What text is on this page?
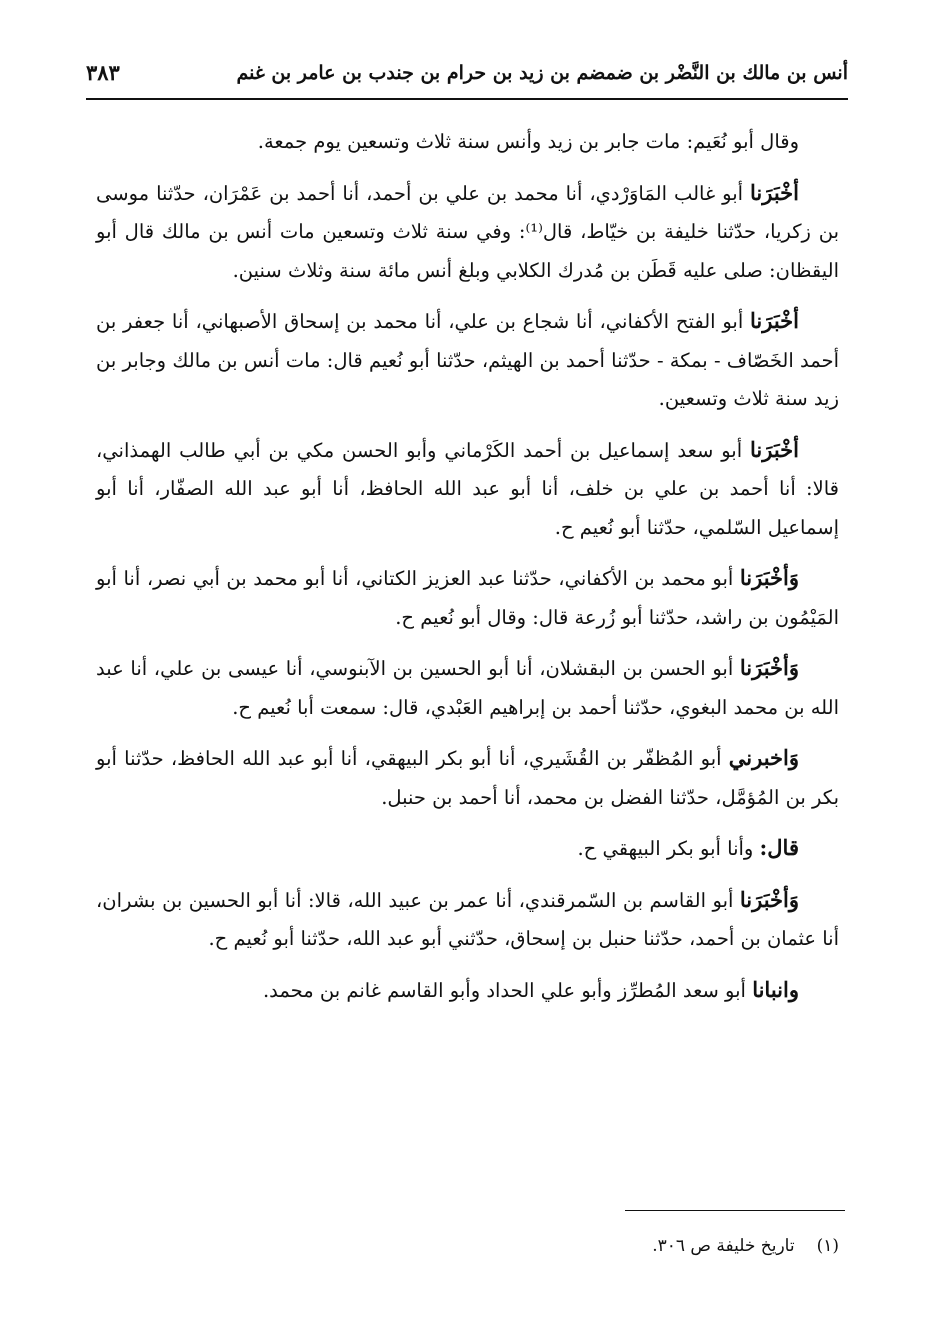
أنس بن مالك بن النَّضْر بن ضمضم بن زيد بن حرام بن جندب بن عامر بن غنم
٣٨٣

وقال أبو نُعَيم: مات جابر بن زيد وأنس سنة ثلاث وتسعين يوم جمعة.

أخْبَرَنا أبو غالب المَاوَرْدي، أنا محمد بن علي بن أحمد، أنا أحمد بن عَمْرَان، حدّثنا موسى بن زكريا، حدّثنا خليفة بن خيّاط، قال⁽¹⁾: وفي سنة ثلاث وتسعين مات أنس بن مالك قال أبو اليقظان: صلى عليه قَطَن بن مُدرك الكلابي وبلغ أنس مائة سنة وثلاث سنين.

أخْبَرَنا أبو الفتح الأكفاني، أنا شجاع بن علي، أنا محمد بن إسحاق الأصبهاني، أنا جعفر بن أحمد الخَصّاف - بمكة - حدّثنا أحمد بن الهيثم، حدّثنا أبو نُعيم قال: مات أنس بن مالك وجابر بن زيد سنة ثلاث وتسعين.

أخْبَرَنا أبو سعد إسماعيل بن أحمد الكَرْماني وأبو الحسن مكي بن أبي طالب الهمذاني، قالا: أنا أحمد بن علي بن خلف، أنا أبو عبد الله الحافظ، أنا أبو عبد الله الصفّار، أنا أبو إسماعيل السّلمي، حدّثنا أبو نُعيم ح.

وَأخْبَرَنا أبو محمد بن الأكفاني، حدّثنا عبد العزيز الكتاني، أنا أبو محمد بن أبي نصر، أنا أبو المَيْمُون بن راشد، حدّثنا أبو زُرعة قال: وقال أبو نُعيم ح.

وَأخْبَرَنا أبو الحسن بن البقشلان، أنا أبو الحسين بن الآبنوسي، أنا عيسى بن علي، أنا عبد الله بن محمد البغوي، حدّثنا أحمد بن إبراهيم العَبْدي، قال: سمعت أبا نُعيم ح.

وَاخبرني أبو المُظفّر بن القُشَيري، أنا أبو بكر البيهقي، أنا أبو عبد الله الحافظ، حدّثنا أبو بكر بن المُؤمَّل، حدّثنا الفضل بن محمد، أنا أحمد بن حنبل.

قال: وأنا أبو بكر البيهقي ح.

وَأخْبَرَنا أبو القاسم بن السّمرقندي، أنا عمر بن عبيد الله، قالا: أنا أبو الحسين بن بشران، أنا عثمان بن أحمد، حدّثنا حنبل بن إسحاق، حدّثني أبو عبد الله، حدّثنا أبو نُعيم ح.

وانبانا أبو سعد المُطرِّز وأبو علي الحداد وأبو القاسم غانم بن محمد.

(١)تاريخ خليفة ص ٣٠٦.
